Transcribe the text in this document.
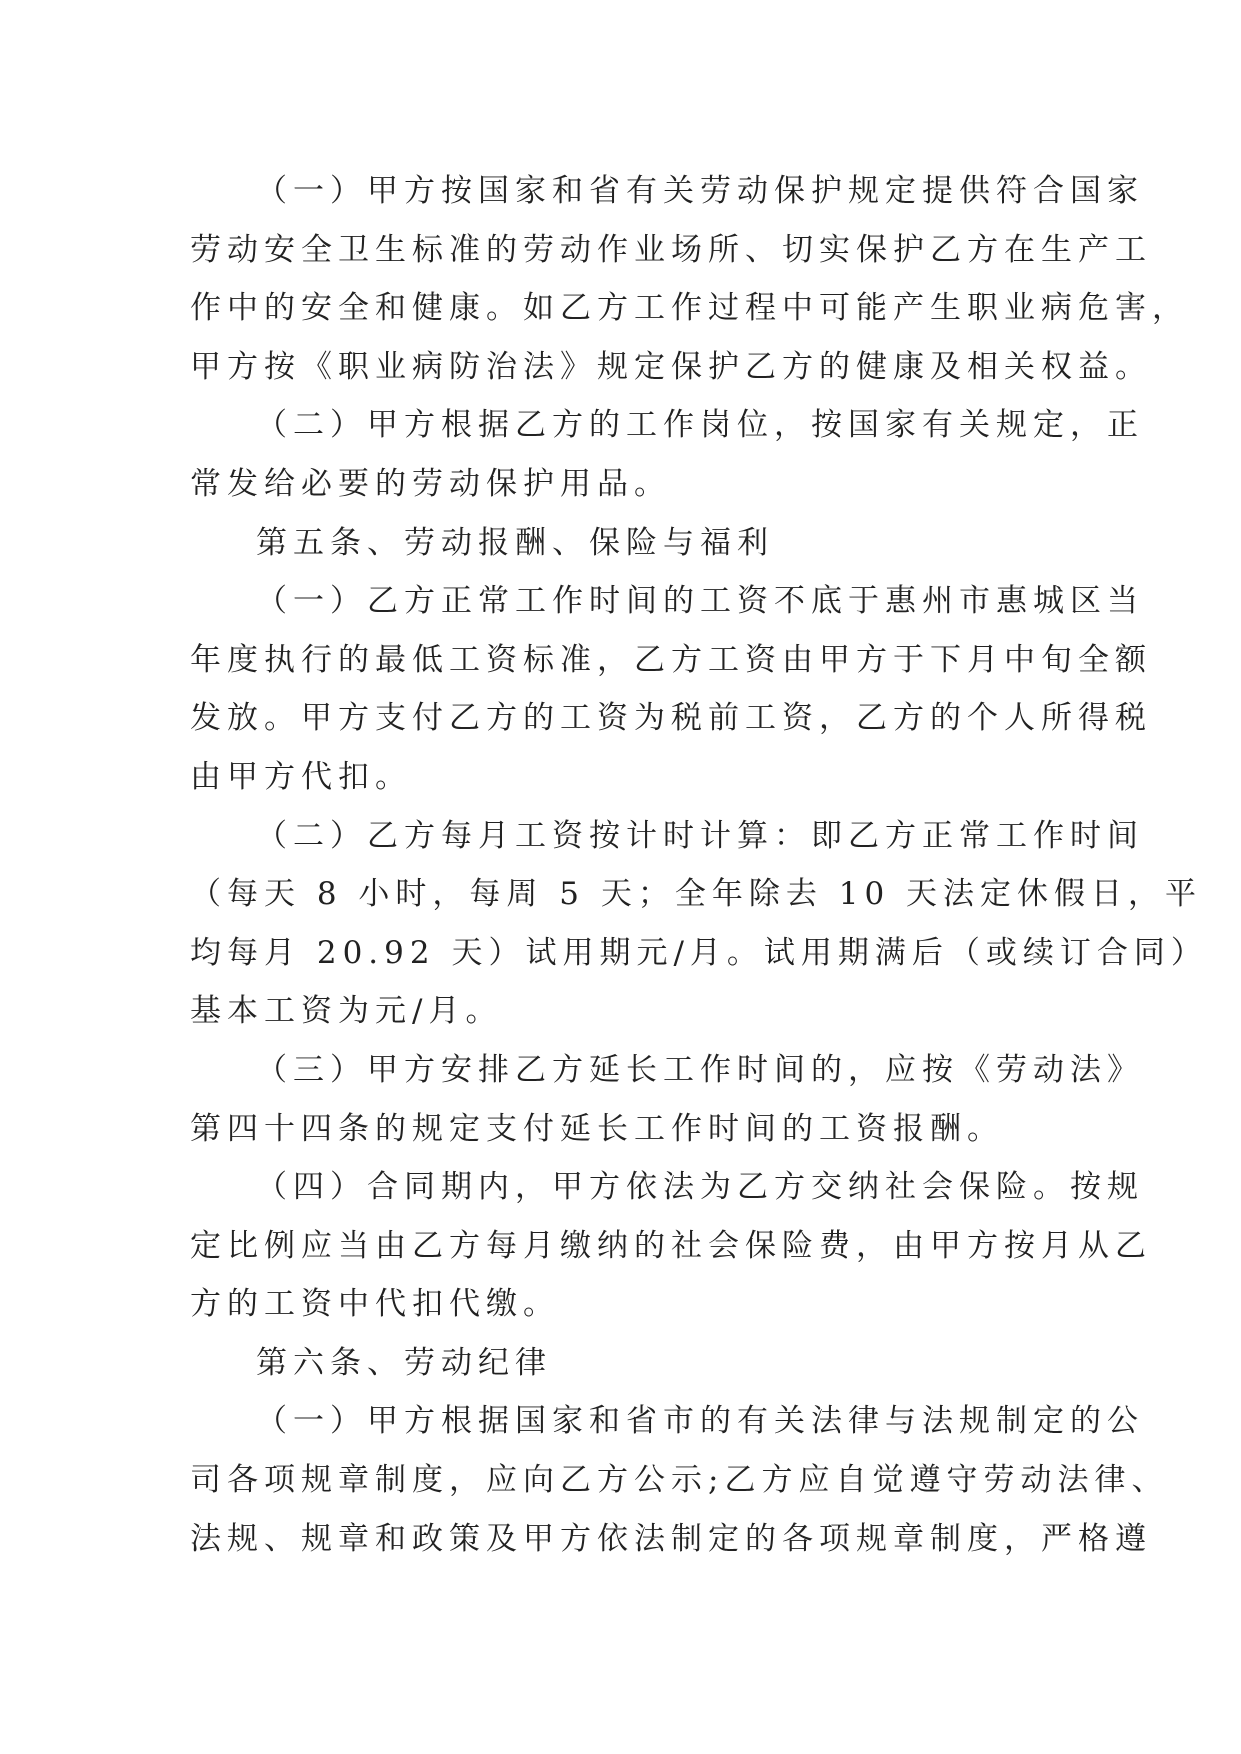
（一）甲方按国家和省有关劳动保护规定提供符合国家
劳动安全卫生标准的劳动作业场所、切实保护乙方在生产工
作中的安全和健康。如乙方工作过程中可能产生职业病危害，
甲方按《职业病防治法》规定保护乙方的健康及相关权益。
（二）甲方根据乙方的工作岗位，按国家有关规定，正
常发给必要的劳动保护用品。
第五条、劳动报酬、保险与福利
（一）乙方正常工作时间的工资不底于惠州市惠城区当
年度执行的最低工资标准，乙方工资由甲方于下月中旬全额
发放。甲方支付乙方的工资为税前工资，乙方的个人所得税
由甲方代扣。
（二）乙方每月工资按计时计算：即乙方正常工作时间
（每天 8 小时，每周 5 天；全年除去 10 天法定休假日，平
均每月 20.92 天）试用期元/月。试用期满后（或续订合同）
基本工资为元/月。
（三）甲方安排乙方延长工作时间的，应按《劳动法》
第四十四条的规定支付延长工作时间的工资报酬。
（四）合同期内，甲方依法为乙方交纳社会保险。按规
定比例应当由乙方每月缴纳的社会保险费，由甲方按月从乙
方的工资中代扣代缴。
第六条、劳动纪律
（一）甲方根据国家和省市的有关法律与法规制定的公
司各项规章制度，应向乙方公示;乙方应自觉遵守劳动法律、
法规、规章和政策及甲方依法制定的各项规章制度，严格遵
